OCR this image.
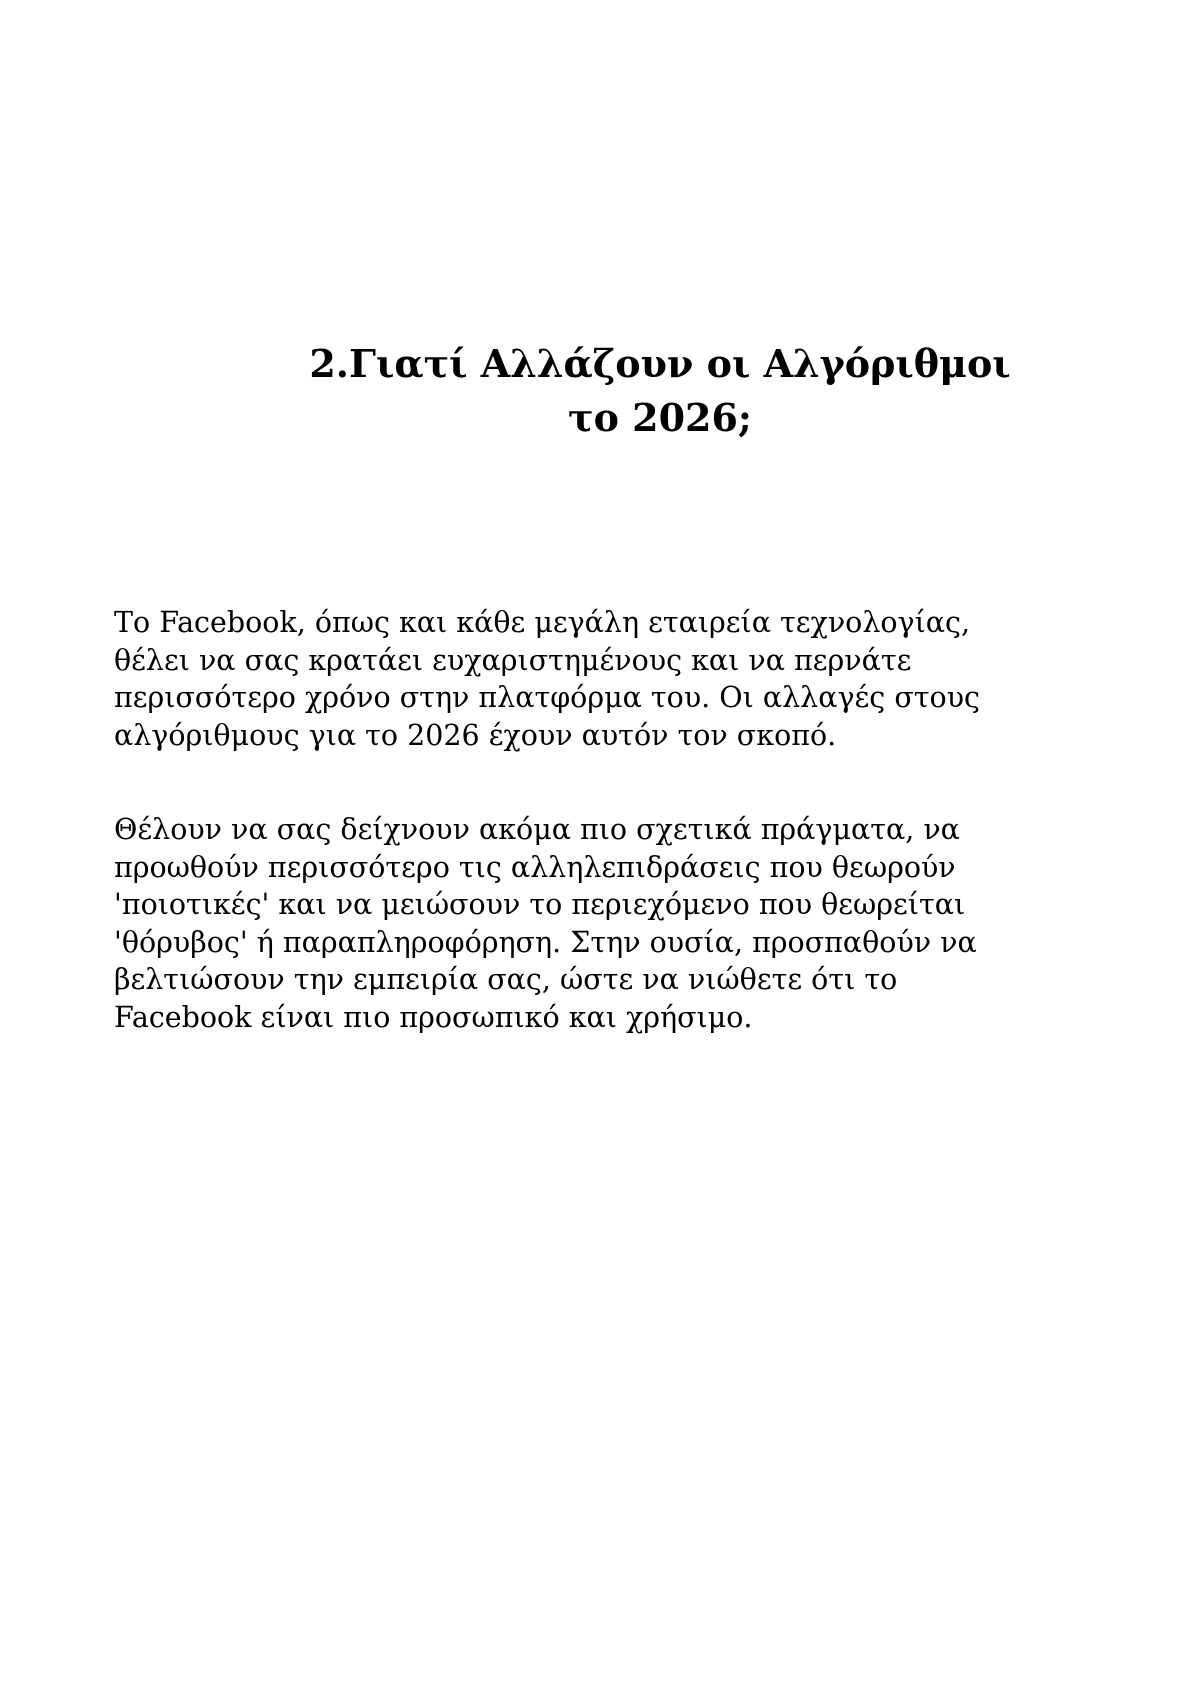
2.Γιατί Αλλάζουν οι Αλγόριθμοι
το 2026;

Το Facebook, όπως και κάθε μεγάλη εταιρεία τεχνολογίας,
θέλει να σας κρατάει ευχαριστημένους και να περνάτε
περισσότερο χρόνο στην πλατφόρμα του. Οι αλλαγές στους
αλγόριθμους για το 2026 έχουν αυτόν τον σκοπό.

Θέλουν να σας δείχνουν ακόμα πιο σχετικά πράγματα, να
προωθούν περισσότερο τις αλληλεπιδράσεις που θεωρούν
'ποιοτικές' και να μειώσουν το περιεχόμενο που θεωρείται
'θόρυβος' ή παραπληροφόρηση. Στην ουσία, προσπαθούν να
βελτιώσουν την εμπειρία σας, ώστε να νιώθετε ότι το
Facebook είναι πιο προσωπικό και χρήσιμο.
